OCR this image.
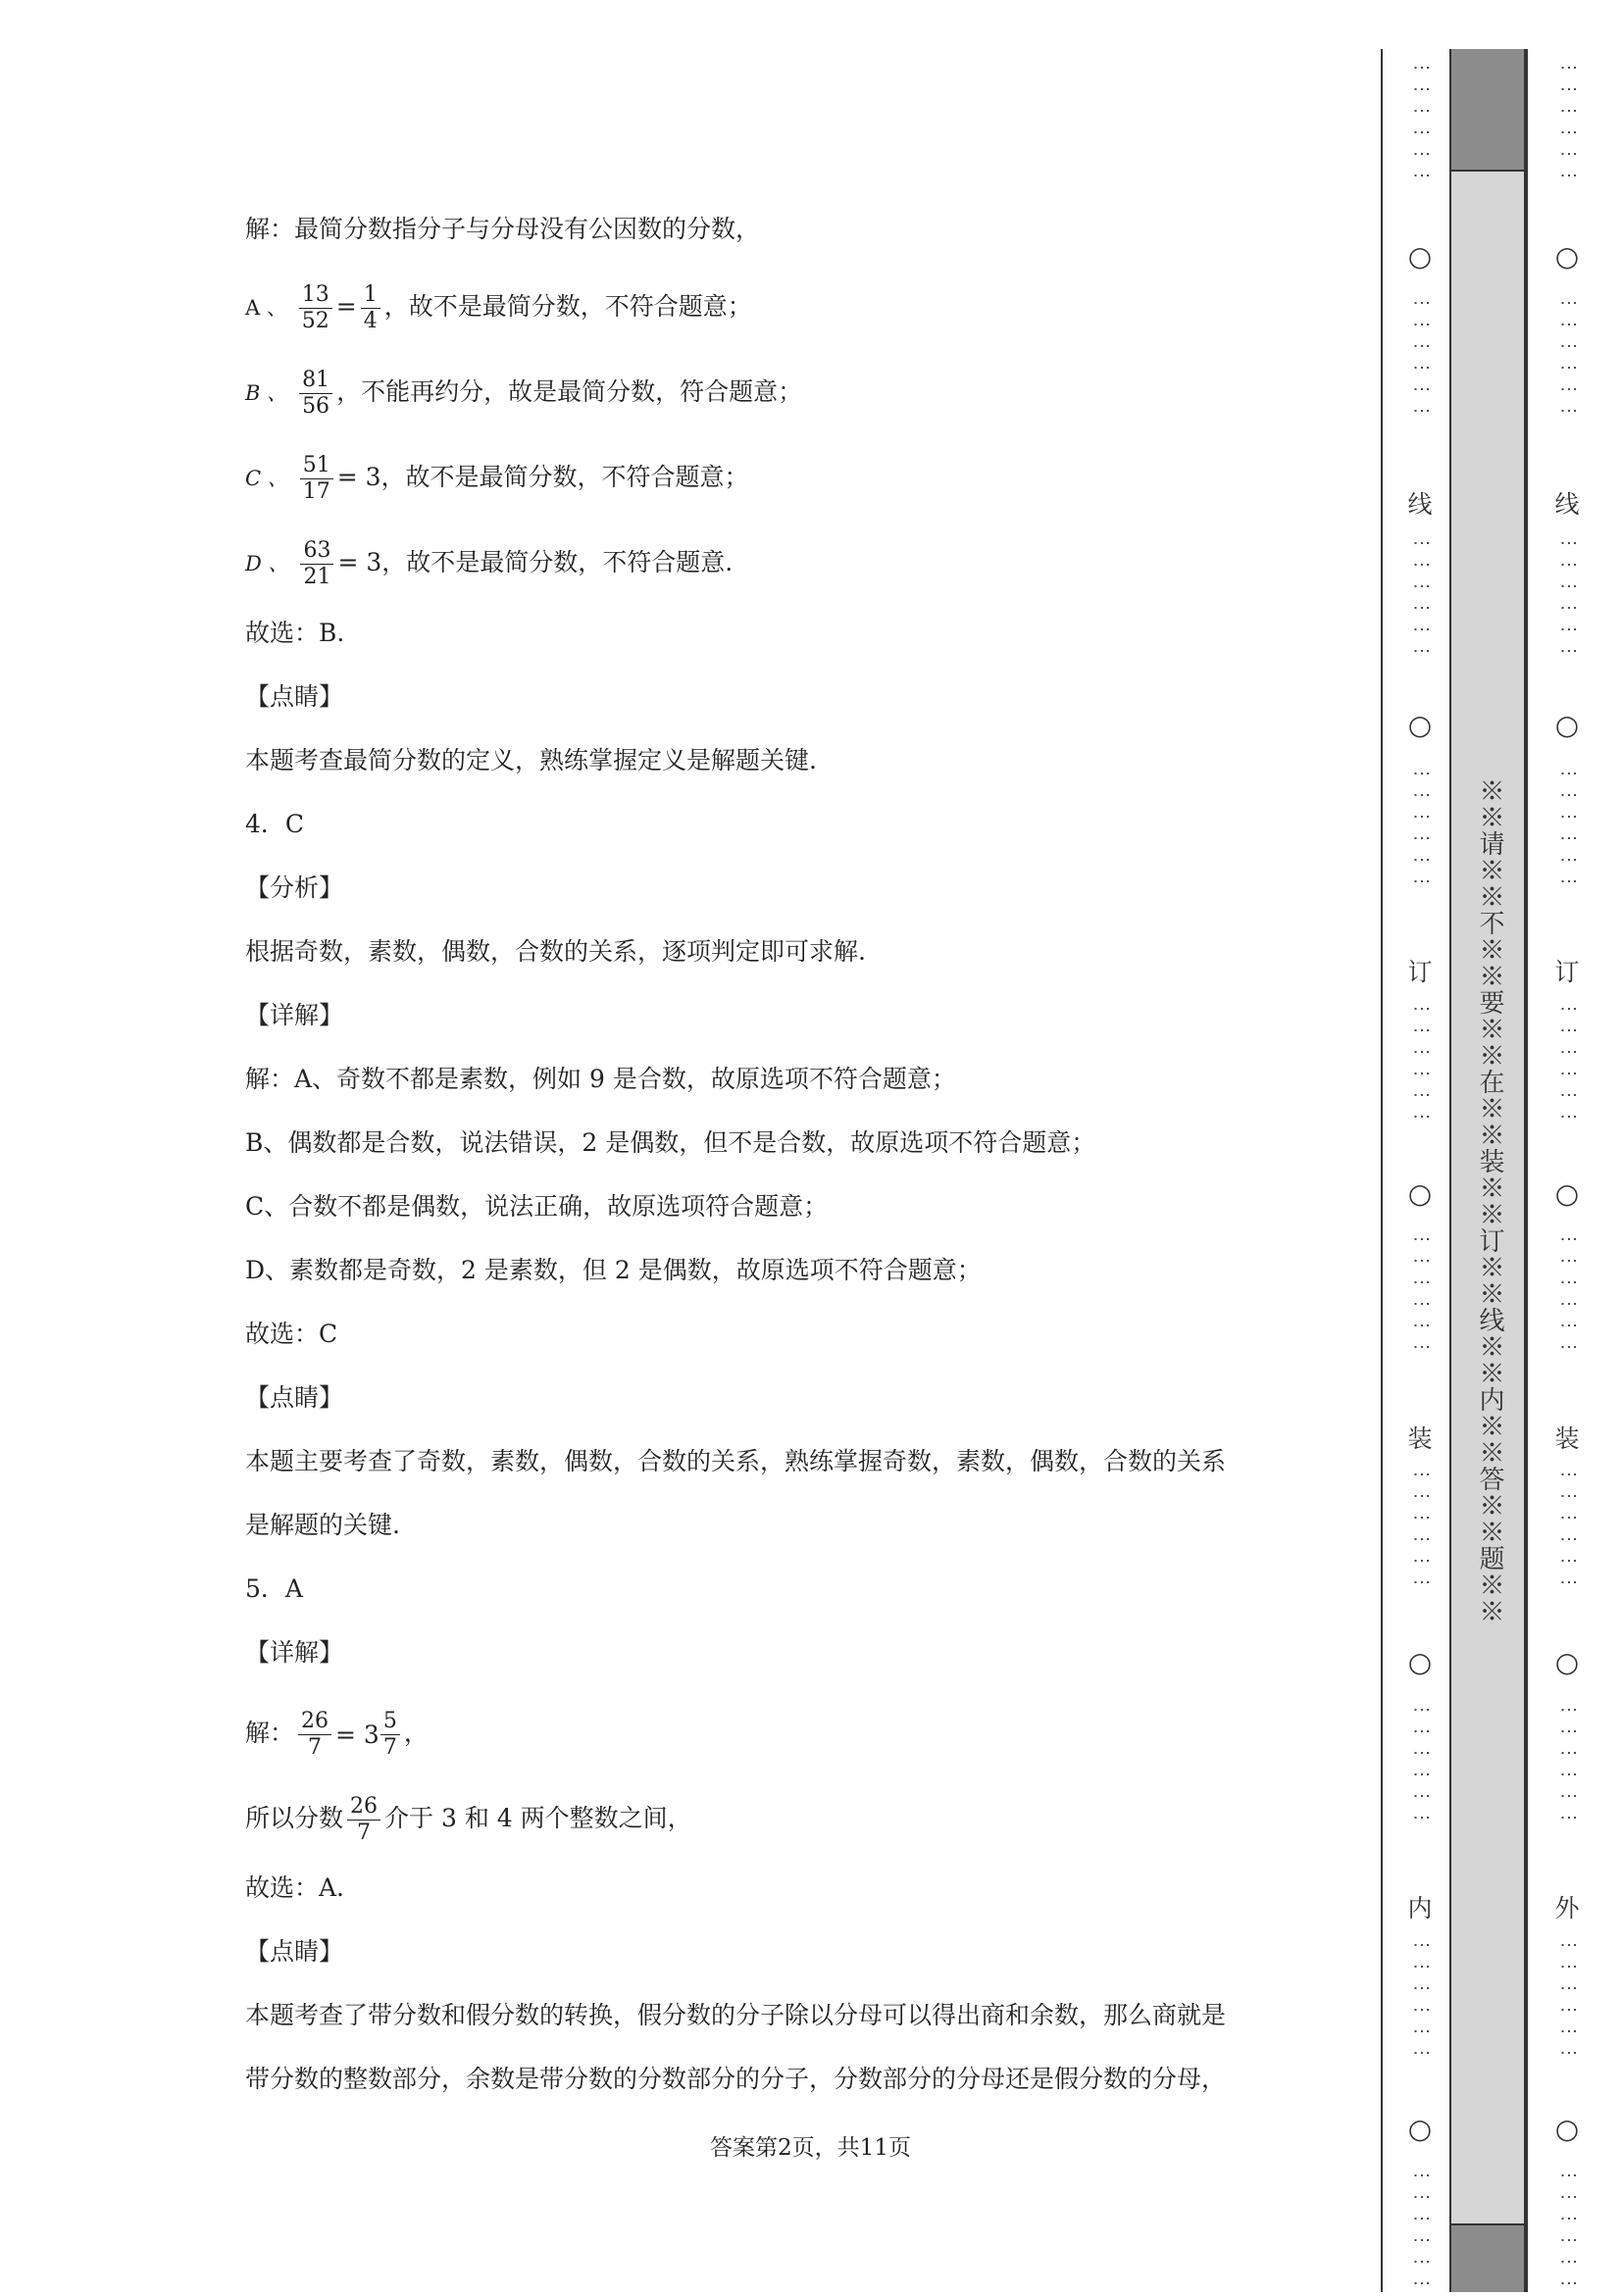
解：最简分数指分子与分母没有公因数的分数，
A 、 $\frac{13}{52} = \frac{1}{4}$ ，故不是最简分数，不符合题意；
B 、 $\frac{81}{56}$ ，不能再约分，故是最简分数，符合题意；
C 、 $\frac{51}{17} = 3$，故不是最简分数，不符合题意；
D 、 $\frac{63}{21} = 3$，故不是最简分数，不符合题意.
故选：B.
【点睛】
本题考查最简分数的定义，熟练掌握定义是解题关键.
4．C
【分析】
根据奇数，素数，偶数，合数的关系，逐项判定即可求解.
【详解】
解：A、奇数不都是素数，例如 9 是合数，故原选项不符合题意；
B、偶数都是合数，说法错误，2 是偶数，但不是合数，故原选项不符合题意；
C、合数不都是偶数，说法正确，故原选项符合题意；
D、素数都是奇数，2 是素数，但 2 是偶数，故原选项不符合题意；
故选：C
【点睛】
本题主要考查了奇数，素数，偶数，合数的关系，熟练掌握奇数，素数，偶数，合数的关系
是解题的关键.
5．A
【详解】
解： $\frac{26}{7} = 3 \frac{5}{7}$ ，
所以分数 $\frac{26}{7}$ 介于 3 和 4 两个整数之间，
故选：A.
【点睛】
本题考查了带分数和假分数的转换，假分数的分子除以分母可以得出商和余数，那么商就是
带分数的整数部分，余数是带分数的分数部分的分子，分数部分的分母还是假分数的分母，
答案第2页，共11页
※※请※※不※※要※※在※※装※※订※※线※※内※※答※※题※※
⋮⋮⋮⋮⋮⋮
○
⋮⋮⋮⋮⋮⋮
线
⋮⋮⋮⋮⋮⋮
○
⋮⋮⋮⋮⋮⋮
订
⋮⋮⋮⋮⋮⋮
○
⋮⋮⋮⋮⋮⋮
装
⋮⋮⋮⋮⋮⋮
○
⋮⋮⋮⋮⋮⋮
内
⋮⋮⋮⋮⋮⋮
○
⋮⋮⋮⋮⋮⋮
⋮⋮⋮⋮⋮⋮
○
⋮⋮⋮⋮⋮⋮
线
⋮⋮⋮⋮⋮⋮
○
⋮⋮⋮⋮⋮⋮
订
⋮⋮⋮⋮⋮⋮
○
⋮⋮⋮⋮⋮⋮
装
⋮⋮⋮⋮⋮⋮
○
⋮⋮⋮⋮⋮⋮
外
⋮⋮⋮⋮⋮⋮
○
⋮⋮⋮⋮⋮⋮
